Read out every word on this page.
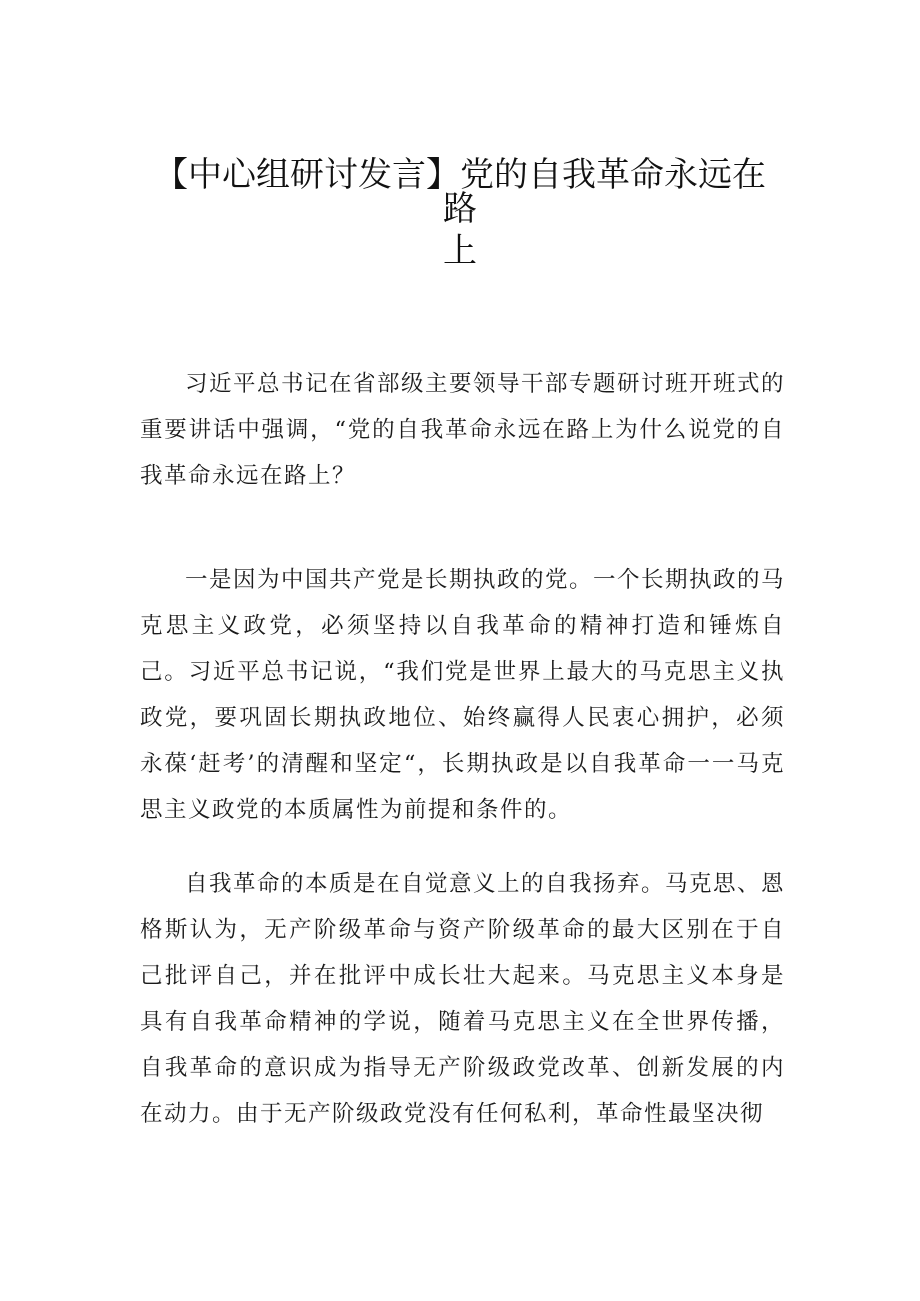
【中心组研讨发言】党的自我革命永远在路
上

习近平总书记在省部级主要领导干部专题研讨班开班式的重要讲话中强调，“党的自我革命永远在路上为什么说党的自我革命永远在路上？

一是因为中国共产党是长期执政的党。一个长期执政的马克思主义政党，必须坚持以自我革命的精神打造和锤炼自己。习近平总书记说，“我们党是世界上最大的马克思主义执政党，要巩固长期执政地位、始终赢得人民衷心拥护，必须永葆‘赶考’的清醒和坚定“，长期执政是以自我革命一一马克思主义政党的本质属性为前提和条件的。

自我革命的本质是在自觉意义上的自我扬弃。马克思、恩格斯认为，无产阶级革命与资产阶级革命的最大区别在于自己批评自己，并在批评中成长壮大起来。马克思主义本身是具有自我革命精神的学说，随着马克思主义在全世界传播，自我革命的意识成为指导无产阶级政党改革、创新发展的内在动力。由于无产阶级政党没有任何私利，革命性最坚决彻
